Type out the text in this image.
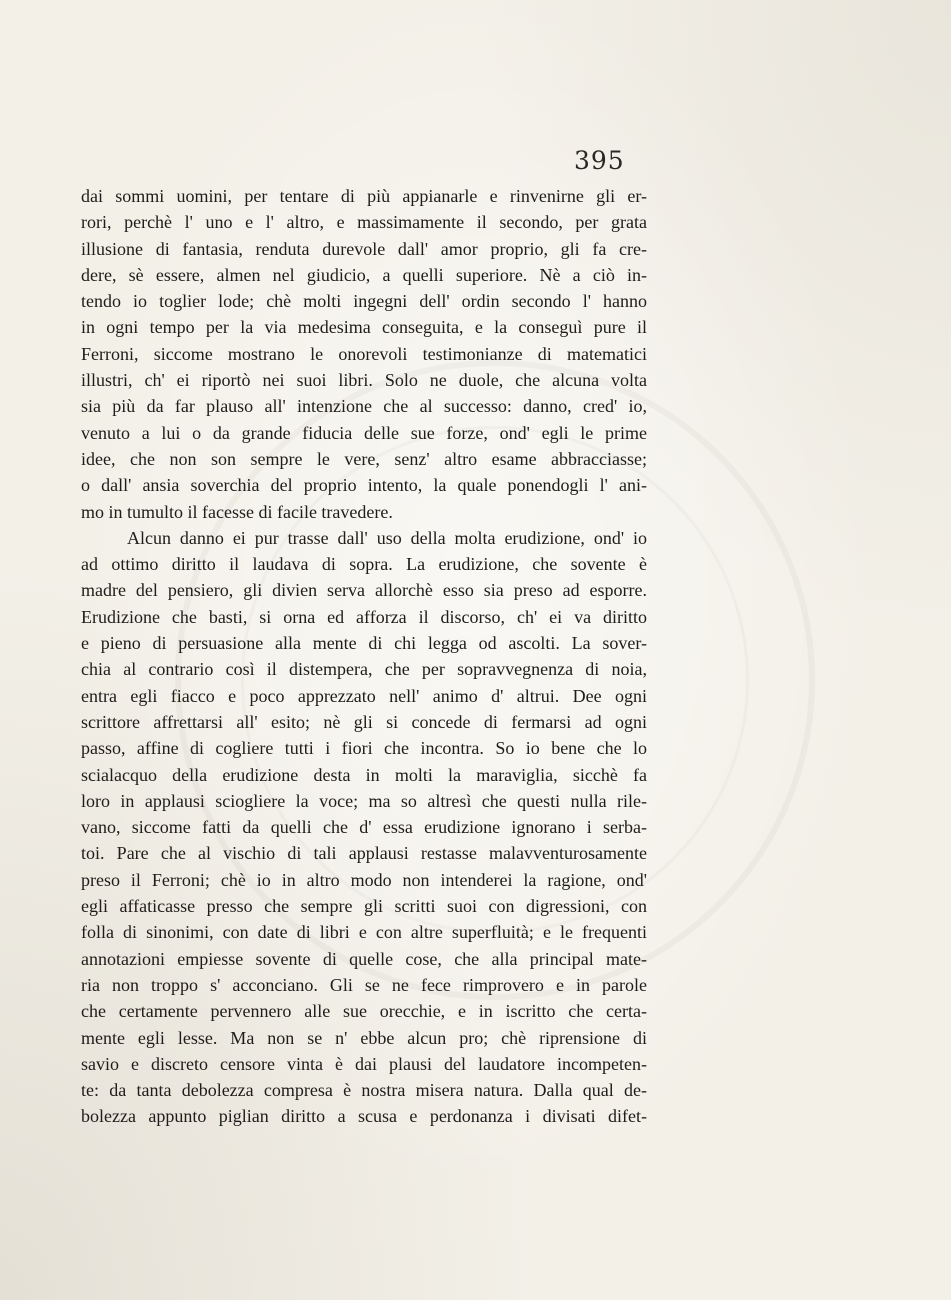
395
dai sommi uomini, per tentare di più appianarle e rinvenirne gli er-
rori, perchè l' uno e l' altro, e massimamente il secondo, per grata
illusione di fantasia, renduta durevole dall' amor proprio, gli fa cre-
dere, sè essere, almen nel giudicio, a quelli superiore. Nè a ciò in-
tendo io toglier lode; chè molti ingegni dell' ordin secondo l' hanno
in ogni tempo per la via medesima conseguita, e la conseguì pure il
Ferroni, siccome mostrano le onorevoli testimonianze di matematici
illustri, ch' ei riportò nei suoi libri. Solo ne duole, che alcuna volta
sia più da far plauso all' intenzione che al successo: danno, cred' io,
venuto a lui o da grande fiducia delle sue forze, ond' egli le prime
idee, che non son sempre le vere, senz' altro esame abbracciasse;
o dall' ansia soverchia del proprio intento, la quale ponendogli l' ani-
mo in tumulto il facesse di facile travedere.
Alcun danno ei pur trasse dall' uso della molta erudizione, ond' io
ad ottimo diritto il laudava di sopra. La erudizione, che sovente è
madre del pensiero, gli divien serva allorchè esso sia preso ad esporre.
Erudizione che basti, si orna ed afforza il discorso, ch' ei va diritto
e pieno di persuasione alla mente di chi legga od ascolti. La sover-
chia al contrario così il distempera, che per sopravvegnenza di noia,
entra egli fiacco e poco apprezzato nell' animo d' altrui. Dee ogni
scrittore affrettarsi all' esito; nè gli si concede di fermarsi ad ogni
passo, affine di cogliere tutti i fiori che incontra. So io bene che lo
scialacquo della erudizione desta in molti la maraviglia, sicchè fa
loro in applausi sciogliere la voce; ma so altresì che questi nulla rile-
vano, siccome fatti da quelli che d' essa erudizione ignorano i serba-
toi. Pare che al vischio di tali applausi restasse malavventurosamente
preso il Ferroni; chè io in altro modo non intenderei la ragione, ond'
egli affaticasse presso che sempre gli scritti suoi con digressioni, con
folla di sinonimi, con date di libri e con altre superfluità; e le frequenti
annotazioni empiesse sovente di quelle cose, che alla principal mate-
ria non troppo s' acconciano. Gli se ne fece rimprovero e in parole
che certamente pervennero alle sue orecchie, e in iscritto che certa-
mente egli lesse. Ma non se n' ebbe alcun pro; chè riprensione di
savio e discreto censore vinta è dai plausi del laudatore incompeten-
te: da tanta debolezza compresa è nostra misera natura. Dalla qual de-
bolezza appunto piglian diritto a scusa e perdonanza i divisati difet-
